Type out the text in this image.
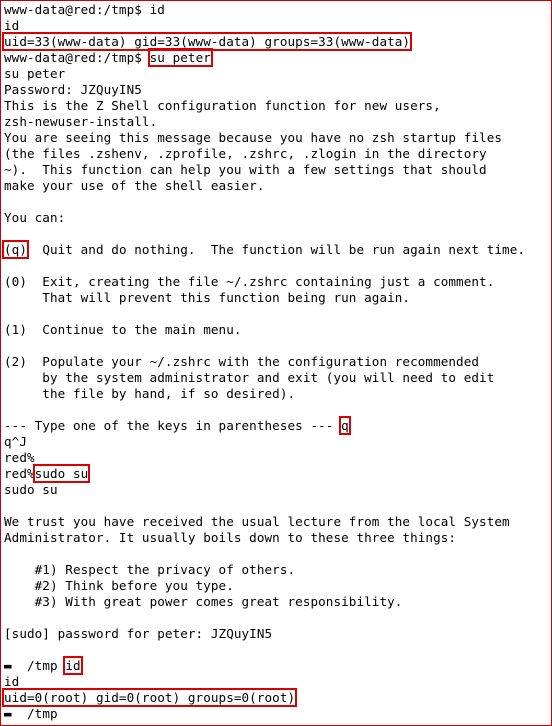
www-data@red:/tmp$ id
id
uid=33(www-data) gid=33(www-data) groups=33(www-data)
www-data@red:/tmp$ su peter
su peter
Password: JZQuyIN5
This is the Z Shell configuration function for new users,
zsh-newuser-install.
You are seeing this message because you have no zsh startup files
(the files .zshenv, .zprofile, .zshrc, .zlogin in the directory
~).  This function can help you with a few settings that should
make your use of the shell easier.

You can:

(q)  Quit and do nothing.  The function will be run again next time.

(0)  Exit, creating the file ~/.zshrc containing just a comment.
That will prevent this function being run again.

(1)  Continue to the main menu.

(2)  Populate your ~/.zshrc with the configuration recommended
by the system administrator and exit (you will need to edit
the file by hand, if so desired).

--- Type one of the keys in parentheses --- q
q^J
red%
red%sudo su
sudo su

We trust you have received the usual lecture from the local System
Administrator. It usually boils down to these three things:

#1) Respect the privacy of others.
#2) Think before you type.
#3) With great power comes great responsibility.

[sudo] password for peter: JZQuyIN5

▬  /tmp id
id
uid=0(root) gid=0(root) groups=0(root)
▬  /tmp
